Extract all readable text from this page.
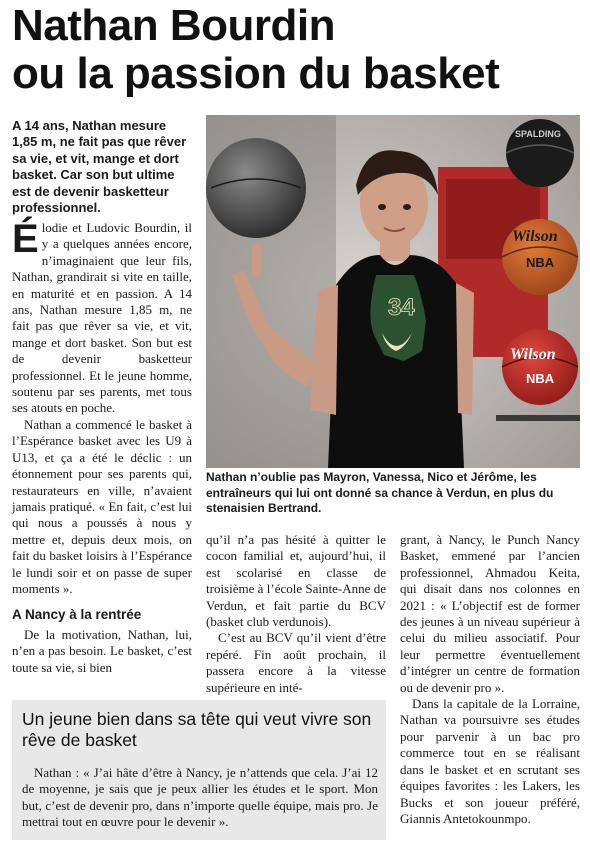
Nathan Bourdin
ou la passion du basket

A 14 ans, Nathan mesure 1,85 m, ne fait pas que rêver sa vie, et vit, mange et dort basket. Car son but ultime est de devenir basketteur professionnel.

Élodie et Ludovic Bourdin, il y a quelques années encore, n’imaginaient que leur fils, Nathan, grandirait si vite en taille, en maturité et en passion. A 14 ans, Nathan mesure 1,85 m, ne fait pas que rêver sa vie, et vit, mange et dort basket. Son but est de devenir basketteur professionnel. Et le jeune homme, soutenu par ses parents, met tous ses atouts en poche.

Nathan a commencé le basket à l’Espérance basket avec les U9 à U13, et ça a été le déclic : un étonnement pour ses parents qui, restaurateurs en ville, n’avaient jamais pratiqué. « En fait, c’est lui qui nous a poussés à nous y mettre et, depuis deux mois, on fait du basket loisirs à l’Espérance le lundi soir et on passe de super moments ».

A Nancy à la rentrée

De la motivation, Nathan, lui, n’en a pas besoin. Le basket, c’est toute sa vie, si bien

34
SPALDING
Wilson
NBA
Wilson
NBA

Nathan n’oublie pas Mayron, Vanessa, Nico et Jérôme, les entraîneurs qui lui ont donné sa chance à Verdun, en plus du stenaisien Bertrand.

qu’il n’a pas hésité à quitter le cocon familial et, aujourd’hui, il est scolarisé en classe de troisième à l’école Sainte-Anne de Verdun, et fait partie du BCV (basket club verdunois).

C’est au BCV qu’il vient d’être repéré. Fin août prochain, il passera encore à la vitesse supérieure en inté-

grant, à Nancy, le Punch Nancy Basket, emmené par l’ancien professionnel, Ahmadou Keita, qui disait dans nos colonnes en 2021 : « L’objectif est de former des jeunes à un niveau supérieur à celui du milieu associatif. Pour leur permettre éventuellement d’intégrer un centre de formation ou de devenir pro ».

Dans la capitale de la Lorraine, Nathan va poursuivre ses études pour parvenir à un bac pro commerce tout en se réalisant dans le basket et en scrutant ses équipes favorites : les Lakers, les Bucks et son joueur préféré, Giannis Antetokounmpo.

Un jeune bien dans sa tête qui veut vivre son rêve de basket

Nathan : « J’ai hâte d’être à Nancy, je n’attends que cela. J’ai 12 de moyenne, je sais que je peux allier les études et le sport. Mon but, c’est de devenir pro, dans n’importe quelle équipe, mais pro. Je mettrai tout en œuvre pour le devenir ».
